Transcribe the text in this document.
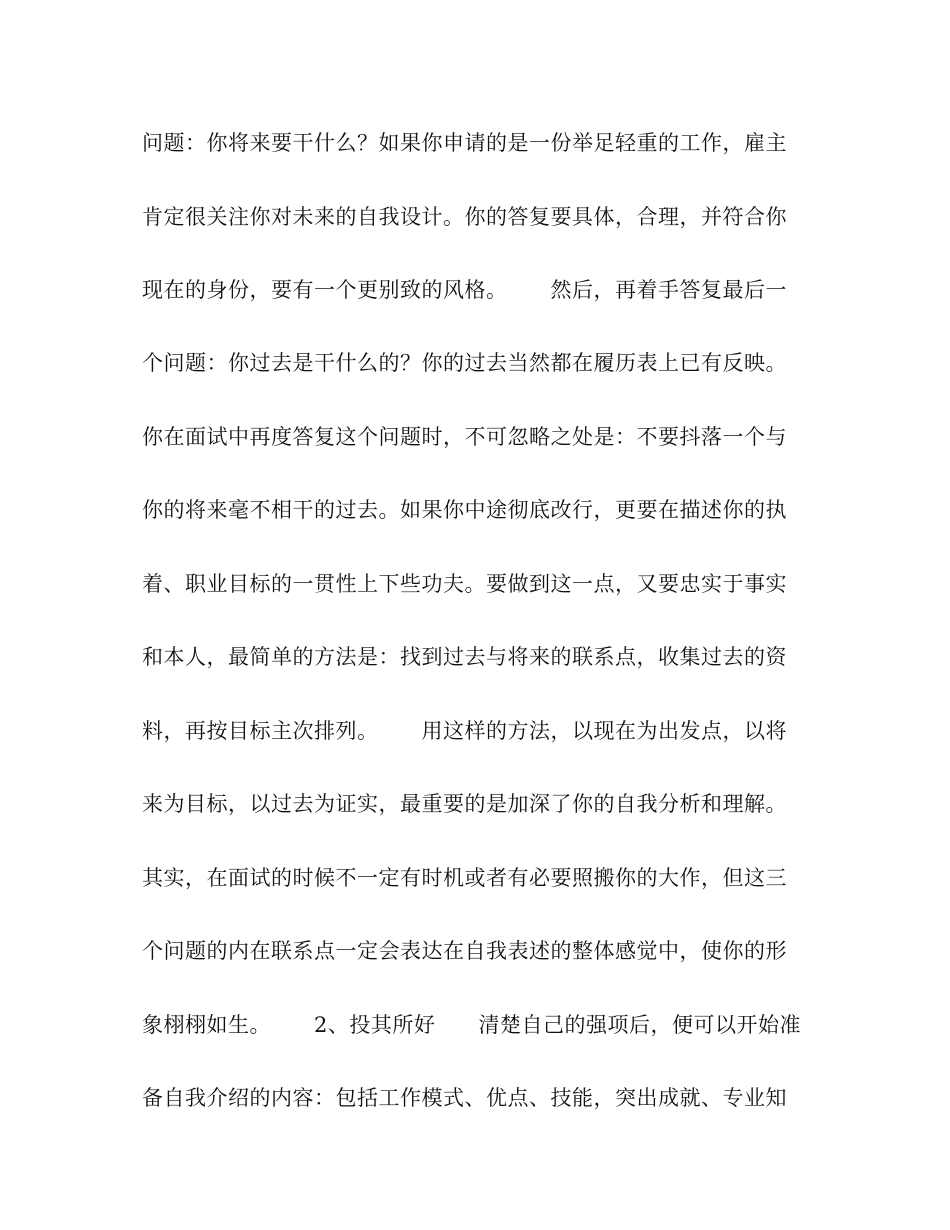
问题：你将来要干什么？如果你申请的是一份举足轻重的工作，雇主
肯定很关注你对未来的自我设计。你的答复要具体，合理，并符合你
现在的身份，要有一个更别致的风格。      然后，再着手答复最后一
个问题：你过去是干什么的？你的过去当然都在履历表上已有反映。
你在面试中再度答复这个问题时，不可忽略之处是：不要抖落一个与
你的将来毫不相干的过去。如果你中途彻底改行，更要在描述你的执
着、职业目标的一贯性上下些功夫。要做到这一点，又要忠实于事实
和本人，最简单的方法是：找到过去与将来的联系点，收集过去的资
料，再按目标主次排列。      用这样的方法，以现在为出发点，以将
来为目标，以过去为证实，最重要的是加深了你的自我分析和理解。
其实，在面试的时候不一定有时机或者有必要照搬你的大作，但这三
个问题的内在联系点一定会表达在自我表述的整体感觉中，使你的形
象栩栩如生。      2、投其所好      清楚自己的强项后，便可以开始准
备自我介绍的内容：包括工作模式、优点、技能，突出成就、专业知
